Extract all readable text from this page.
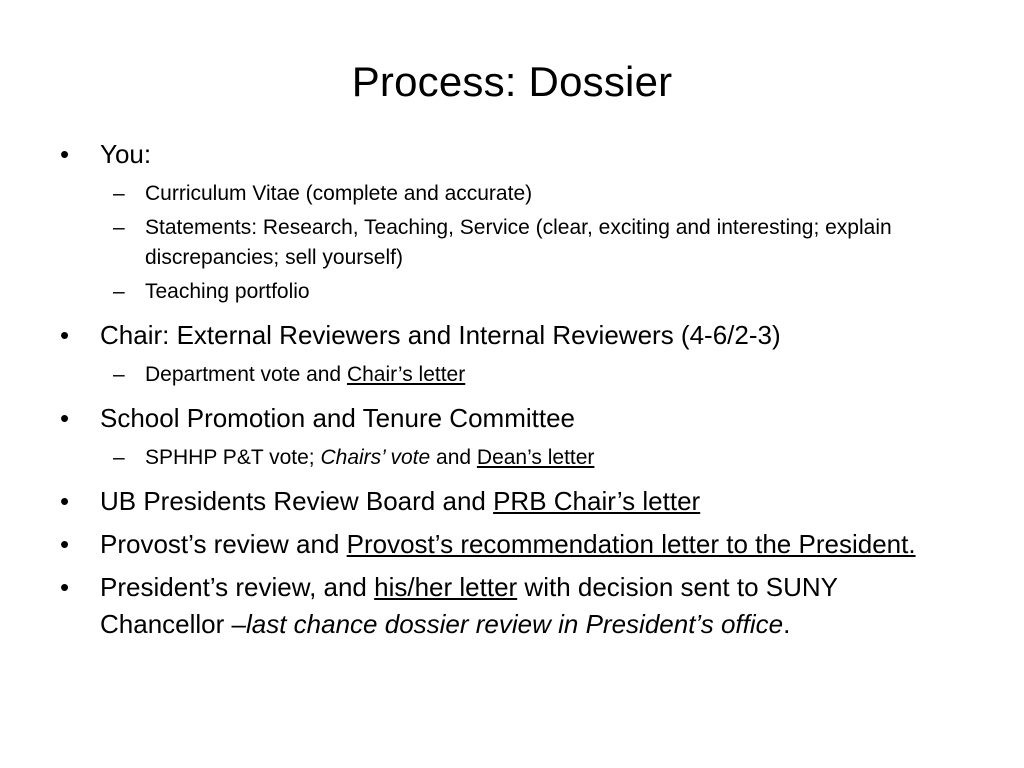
Process: Dossier
•	You:
– Curriculum Vitae (complete and accurate)
– Statements: Research, Teaching, Service (clear, exciting and interesting; explain discrepancies; sell yourself)
– Teaching portfolio
•	Chair: External Reviewers and Internal Reviewers (4-6/2-3)
– Department vote and Chair’s letter
•	School Promotion and Tenure Committee
– SPHHP P&T vote; Chairs’ vote and Dean’s letter
•	UB Presidents Review Board and PRB Chair’s letter
•	Provost’s review and Provost’s recommendation letter to the President.
•	President’s review, and his/her letter with decision sent to SUNY Chancellor –last chance dossier review in President’s office.
